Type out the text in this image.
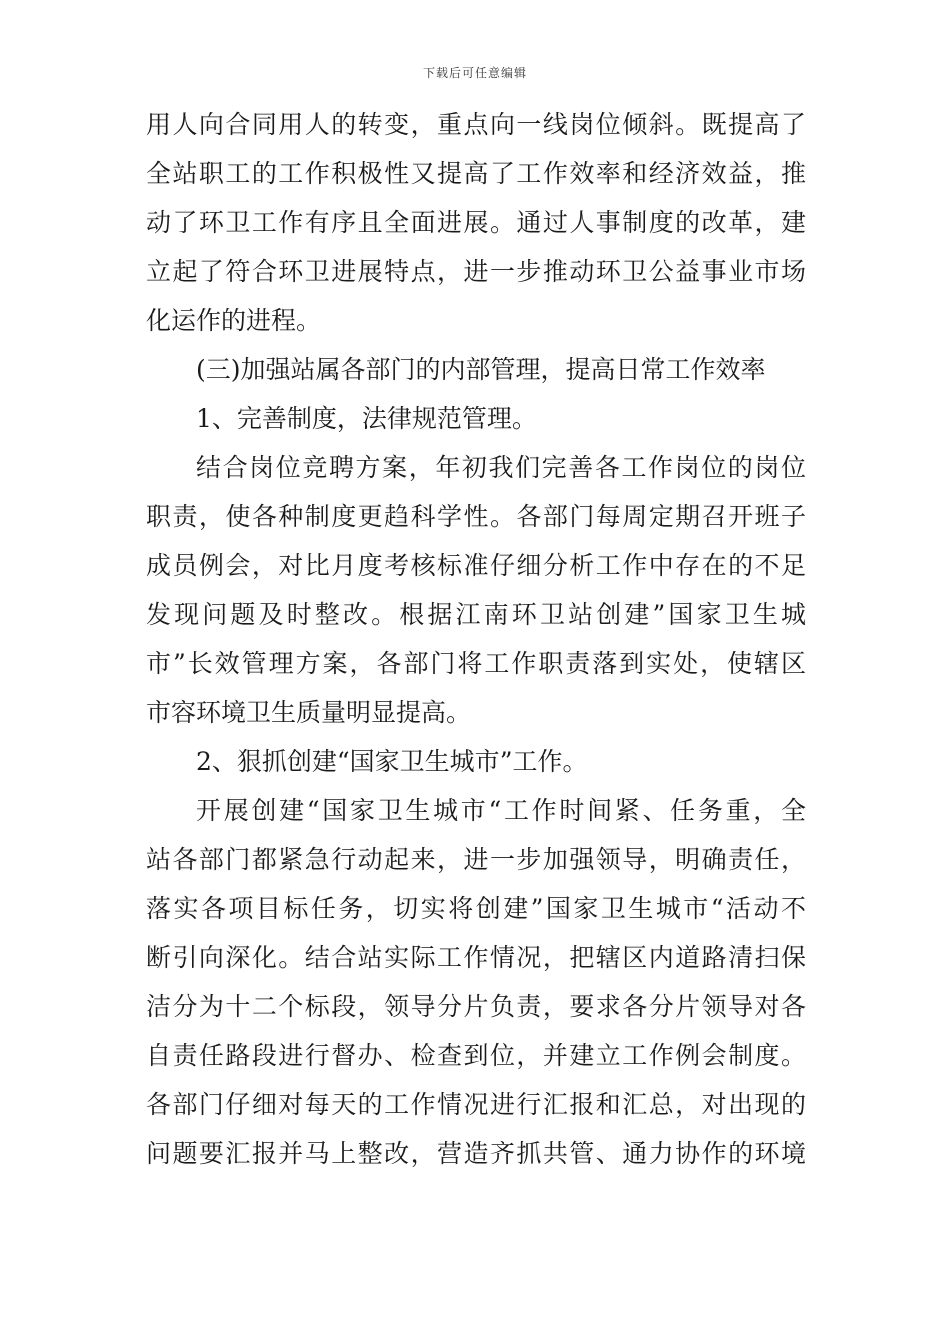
下载后可任意编辑
用人向合同用人的转变，重点向一线岗位倾斜。既提高了
全站职工的工作积极性又提高了工作效率和经济效益，推
动了环卫工作有序且全面进展。通过人事制度的改革，建
立起了符合环卫进展特点，进一步推动环卫公益事业市场
化运作的进程。
(三)加强站属各部门的内部管理，提高日常工作效率
1、完善制度，法律规范管理。
结合岗位竞聘方案，年初我们完善各工作岗位的岗位
职责，使各种制度更趋科学性。各部门每周定期召开班子
成员例会，对比月度考核标准仔细分析工作中存在的不足
发现问题及时整改。根据江南环卫站创建”国家卫生城
市”长效管理方案，各部门将工作职责落到实处，使辖区
市容环境卫生质量明显提高。
2、狠抓创建“国家卫生城市”工作。
开展创建“国家卫生城市“工作时间紧、任务重，全
站各部门都紧急行动起来，进一步加强领导，明确责任，
落实各项目标任务，切实将创建”国家卫生城市“活动不
断引向深化。结合站实际工作情况，把辖区内道路清扫保
洁分为十二个标段，领导分片负责，要求各分片领导对各
自责任路段进行督办、检查到位，并建立工作例会制度。
各部门仔细对每天的工作情况进行汇报和汇总，对出现的
问题要汇报并马上整改，营造齐抓共管、通力协作的环境
